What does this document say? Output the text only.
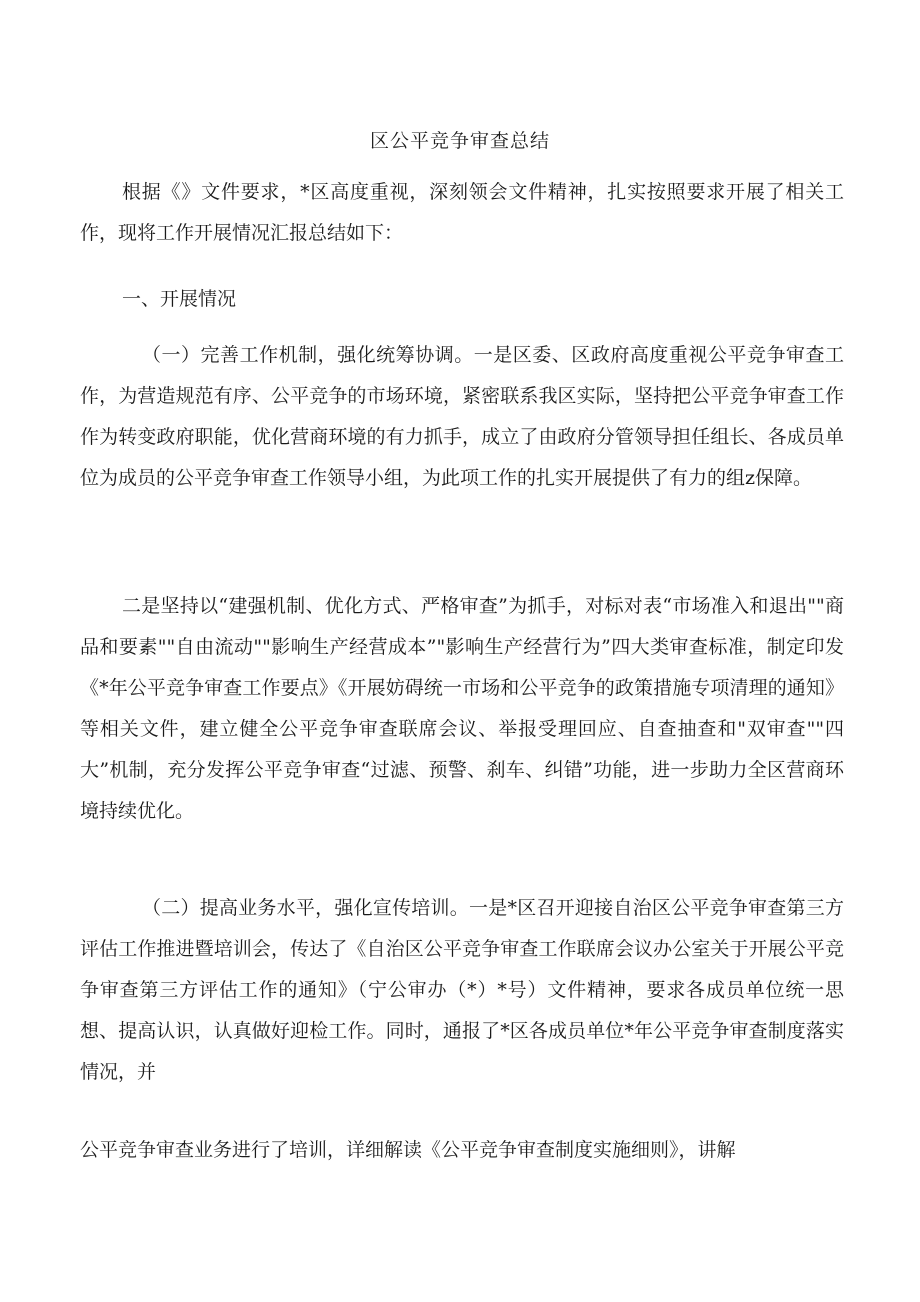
区公平竞争审查总结

根据《》文件要求，*区高度重视，深刻领会文件精神，扎实按照要求开展了相关工作，现将工作开展情况汇报总结如下：

一、开展情况

（一）完善工作机制，强化统筹协调。一是区委、区政府高度重视公平竞争审查工作，为营造规范有序、公平竞争的市场环境，紧密联系我区实际，坚持把公平竞争审查工作作为转变政府职能，优化营商环境的有力抓手，成立了由政府分管领导担任组长、各成员单位为成员的公平竞争审查工作领导小组，为此项工作的扎实开展提供了有力的组z保障。

二是坚持以“建强机制、优化方式、严格审查”为抓手，对标对表“市场准入和退出""商品和要素""自由流动""影响生产经营成本”"影响生产经营行为”四大类审查标准，制定印发《*年公平竞争审查工作要点》《开展妨碍统一市场和公平竞争的政策措施专项清理的通知》等相关文件，建立健全公平竞争审查联席会议、举报受理回应、自查抽查和"双审查""四大”机制，充分发挥公平竞争审查“过滤、预警、刹车、纠错”功能，进一步助力全区营商环境持续优化。

（二）提高业务水平，强化宣传培训。一是*区召开迎接自治区公平竞争审查第三方评估工作推进暨培训会，传达了《自治区公平竞争审查工作联席会议办公室关于开展公平竞争审查第三方评估工作的通知》（宁公审办（*）*号）文件精神，要求各成员单位统一思想、提高认识，认真做好迎检工作。同时，通报了*区各成员单位*年公平竞争审查制度落实情况，并

公平竞争审查业务进行了培训，详细解读《公平竞争审查制度实施细则》，讲解
